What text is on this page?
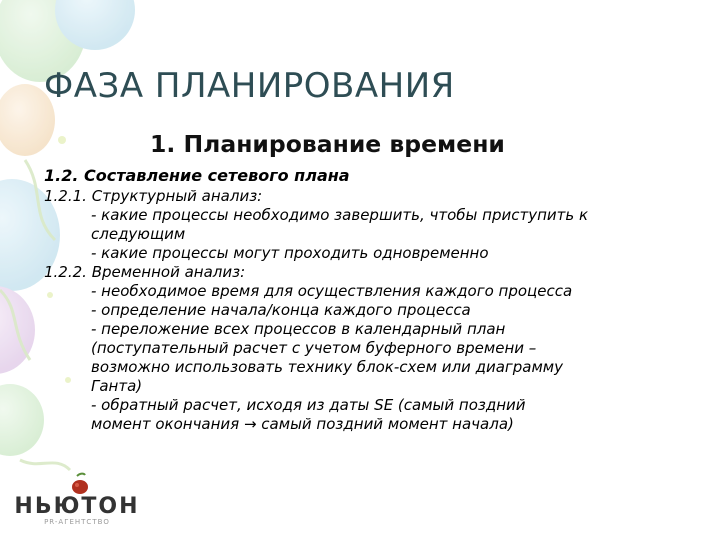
ФАЗА ПЛАНИРОВАНИЯ
1. Планирование времени
1.2. Составление сетевого плана
1.2.1. Структурный анализ:
- какие процессы необходимо завершить, чтобы приступить к
следующим
- какие процессы могут проходить одновременно
1.2.2. Временной анализ:
- необходимое время для осуществления каждого процесса
- определение начала/конца каждого процесса
- переложение всех процессов в календарный план
(поступательный расчет с учетом буферного времени –
возможно использовать технику блок-схем или диаграмму
Ганта)
- обратный расчет, исходя из даты SE (самый поздний
момент окончания → самый поздний момент начала)
НЬЮТОН
PR-АГЕНТСТВО
